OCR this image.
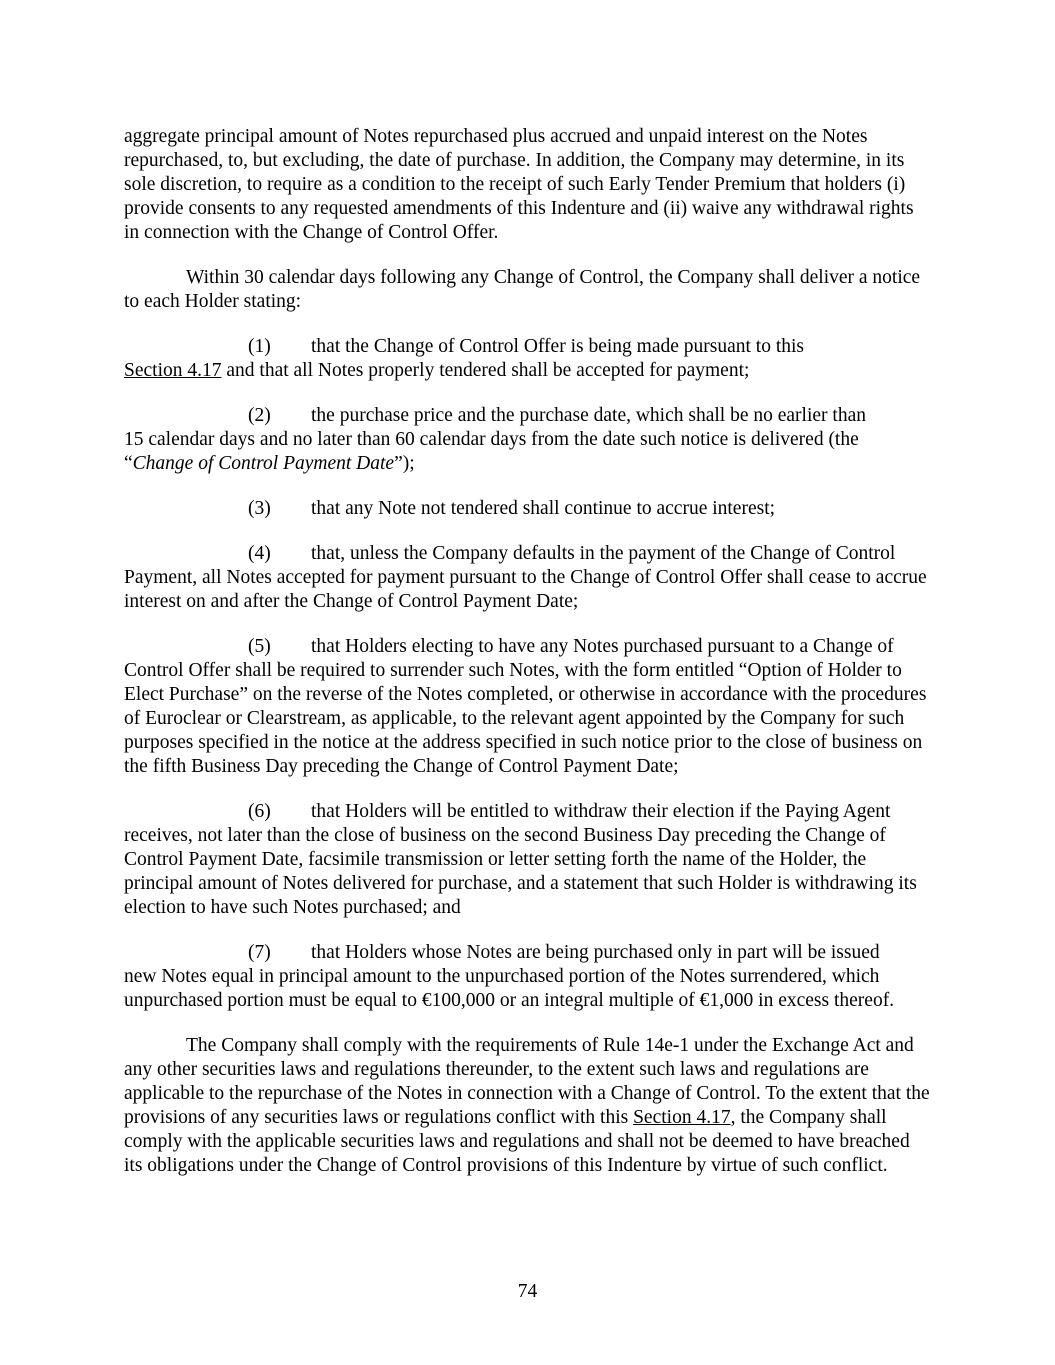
aggregate principal amount of Notes repurchased plus accrued and unpaid interest on the Notes repurchased, to, but excluding, the date of purchase. In addition, the Company may determine, in its sole discretion, to require as a condition to the receipt of such Early Tender Premium that holders (i) provide consents to any requested amendments of this Indenture and (ii) waive any withdrawal rights in connection with the Change of Control Offer.

Within 30 calendar days following any Change of Control, the Company shall deliver a notice to each Holder stating:

(1) that the Change of Control Offer is being made pursuant to this
Section 4.17 and that all Notes properly tendered shall be accepted for payment;
(2) the purchase price and the purchase date, which shall be no earlier than
15 calendar days and no later than 60 calendar days from the date such notice is delivered (the “Change of Control Payment Date”);
(3) that any Note not tendered shall continue to accrue interest;
(4) that, unless the Company defaults in the payment of the Change of Control
Payment, all Notes accepted for payment pursuant to the Change of Control Offer shall cease to accrue interest on and after the Change of Control Payment Date;
(5) that Holders electing to have any Notes purchased pursuant to a Change of
Control Offer shall be required to surrender such Notes, with the form entitled “Option of Holder to Elect Purchase” on the reverse of the Notes completed, or otherwise in accordance with the procedures of Euroclear or Clearstream, as applicable, to the relevant agent appointed by the Company for such purposes specified in the notice at the address specified in such notice prior to the close of business on the fifth Business Day preceding the Change of Control Payment Date;
(6) that Holders will be entitled to withdraw their election if the Paying Agent
receives, not later than the close of business on the second Business Day preceding the Change of Control Payment Date, facsimile transmission or letter setting forth the name of the Holder, the principal amount of Notes delivered for purchase, and a statement that such Holder is withdrawing its election to have such Notes purchased; and
(7) that Holders whose Notes are being purchased only in part will be issued
new Notes equal in principal amount to the unpurchased portion of the Notes surrendered, which unpurchased portion must be equal to €100,000 or an integral multiple of €1,000 in excess thereof.

The Company shall comply with the requirements of Rule 14e-1 under the Exchange Act and any other securities laws and regulations thereunder, to the extent such laws and regulations are applicable to the repurchase of the Notes in connection with a Change of Control. To the extent that the provisions of any securities laws or regulations conflict with this Section 4.17, the Company shall comply with the applicable securities laws and regulations and shall not be deemed to have breached its obligations under the Change of Control provisions of this Indenture by virtue of such conflict.

74
